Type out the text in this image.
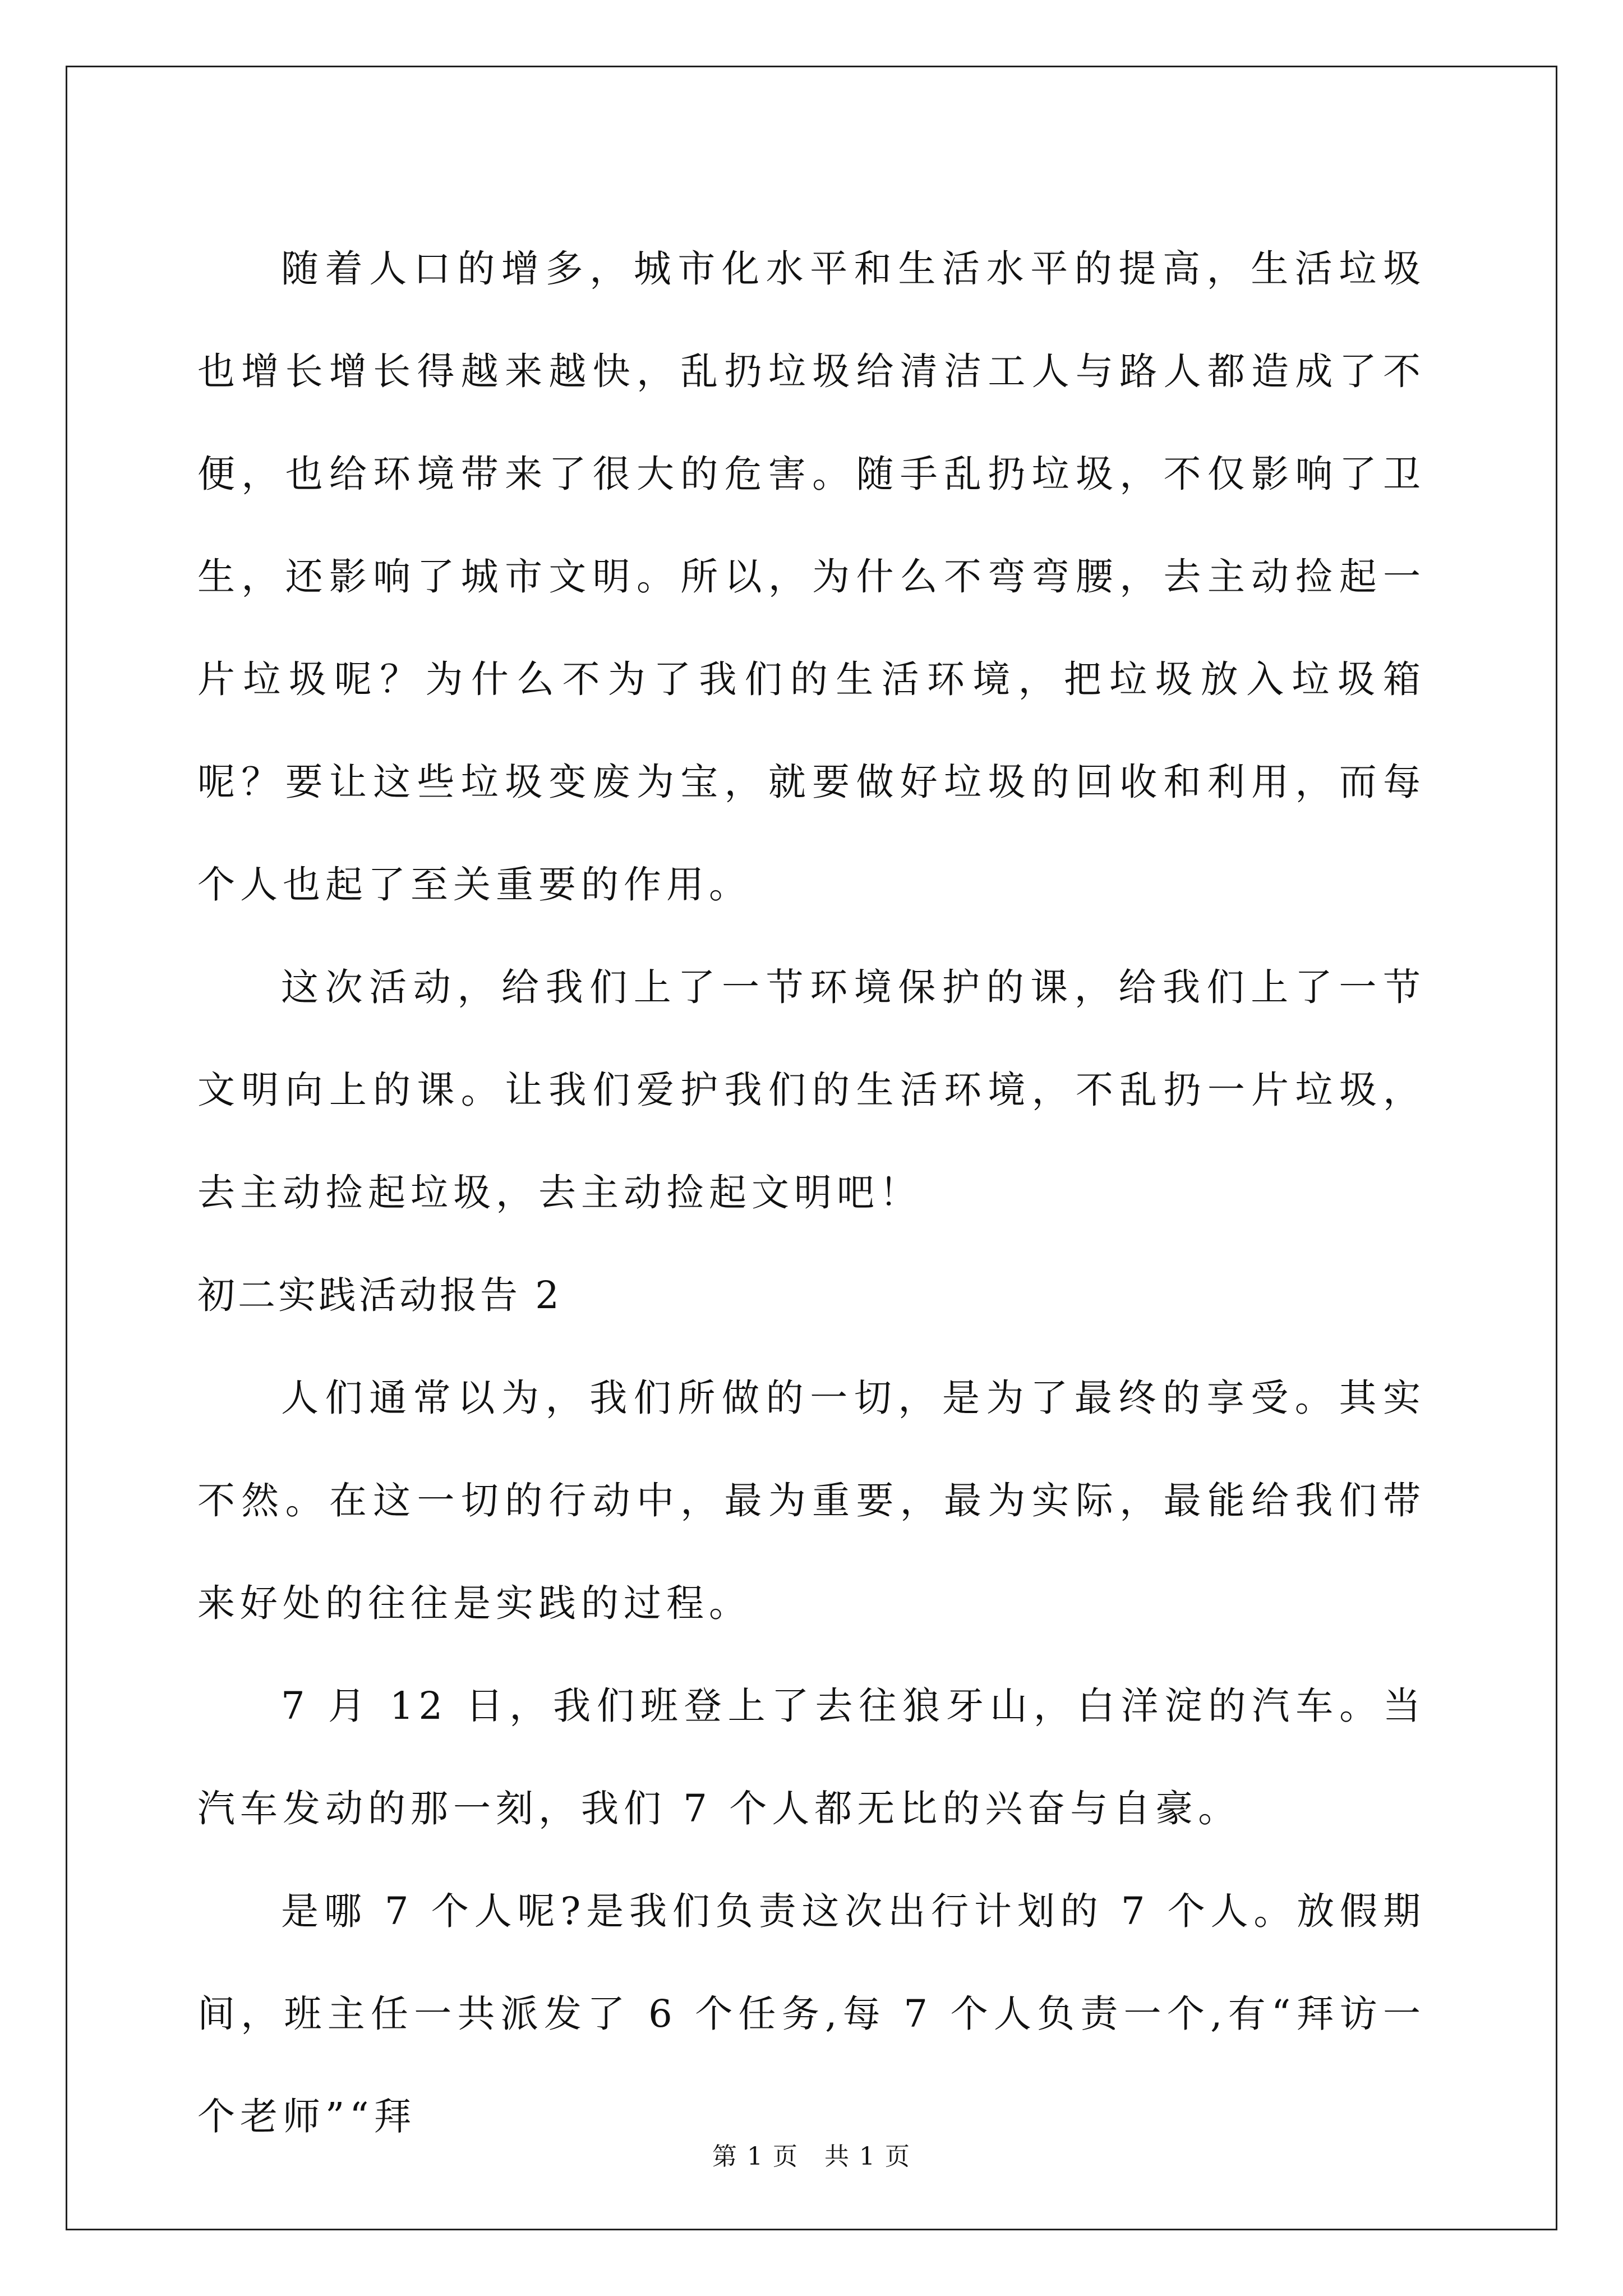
随着人口的增多，城市化水平和生活水平的提高，生活垃圾也增长增长得越来越快，乱扔垃圾给清洁工人与路人都造成了不便，也给环境带来了很大的危害。随手乱扔垃圾，不仅影响了卫生，还影响了城市文明。所以，为什么不弯弯腰，去主动捡起一片垃圾呢？为什么不为了我们的生活环境，把垃圾放入垃圾箱呢？要让这些垃圾变废为宝，就要做好垃圾的回收和利用，而每个人也起了至关重要的作用。

这次活动，给我们上了一节环境保护的课，给我们上了一节文明向上的课。让我们爱护我们的生活环境，不乱扔一片垃圾，去主动捡起垃圾，去主动捡起文明吧！

初二实践活动报告 2

人们通常以为，我们所做的一切，是为了最终的享受。其实不然。在这一切的行动中，最为重要，最为实际，最能给我们带来好处的往往是实践的过程。

7 月 12 日，我们班登上了去往狼牙山，白洋淀的汽车。当汽车发动的那一刻，我们 7 个人都无比的兴奋与自豪。

是哪 7 个人呢?是我们负责这次出行计划的 7 个人。放假期间，班主任一共派发了 6 个任务,每 7 个人负责一个,有“拜访一个老师”“拜

第 1 页　共 1 页
